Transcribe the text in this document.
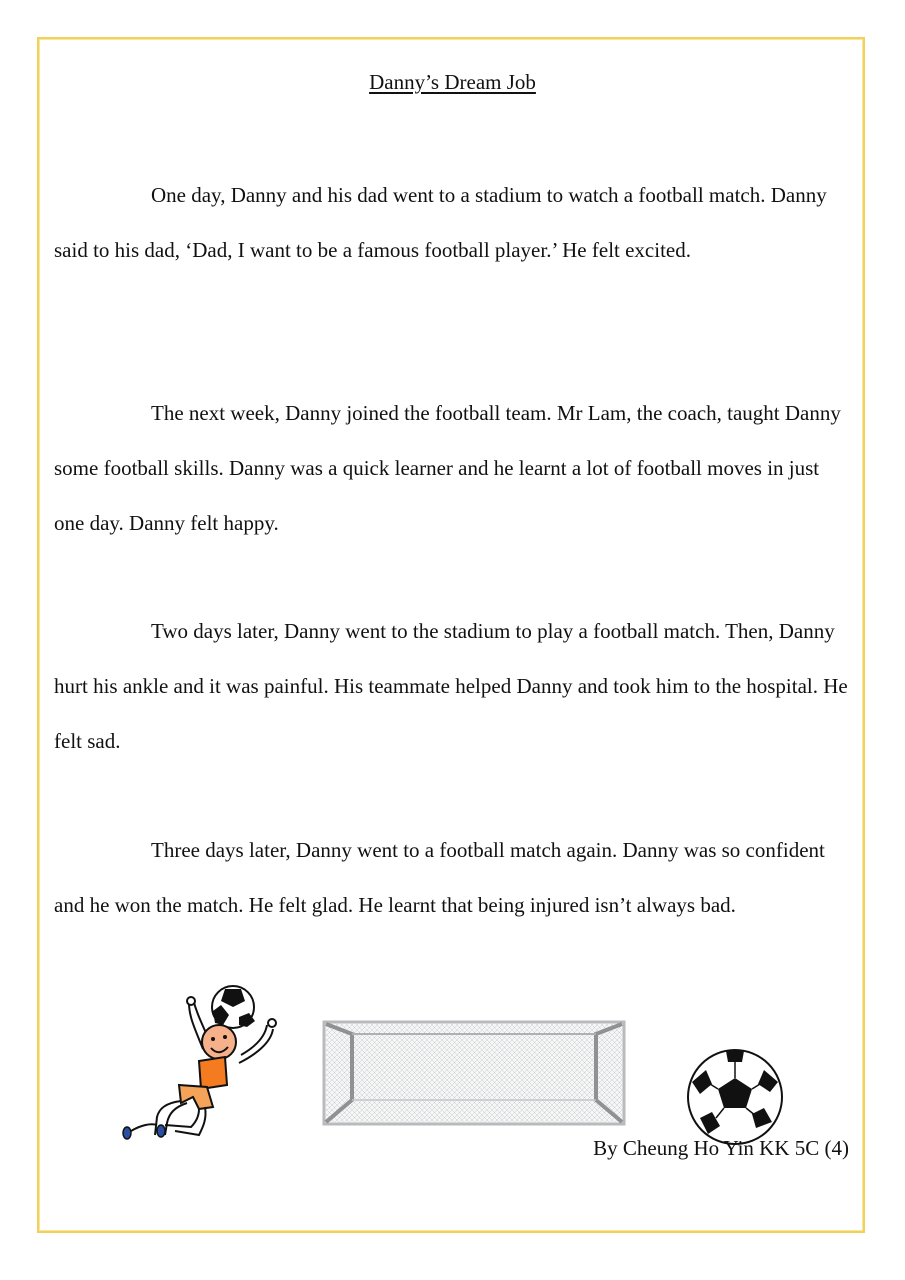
Danny’s Dream Job

One day, Danny and his dad went to a stadium to watch a football match. Danny said to his dad, ‘Dad, I want to be a famous football player.’ He felt excited.

The next week, Danny joined the football team. Mr Lam, the coach, taught Danny some football skills. Danny was a quick learner and he learnt a lot of football moves in just one day. Danny felt happy.

Two days later, Danny went to the stadium to play a football match. Then, Danny hurt his ankle and it was painful. His teammate helped Danny and took him to the hospital. He felt sad.

Three days later, Danny went to a football match again. Danny was so confident and he won the match. He felt glad. He learnt that being injured isn’t always bad.

By Cheung Ho Yin KK 5C (4)
